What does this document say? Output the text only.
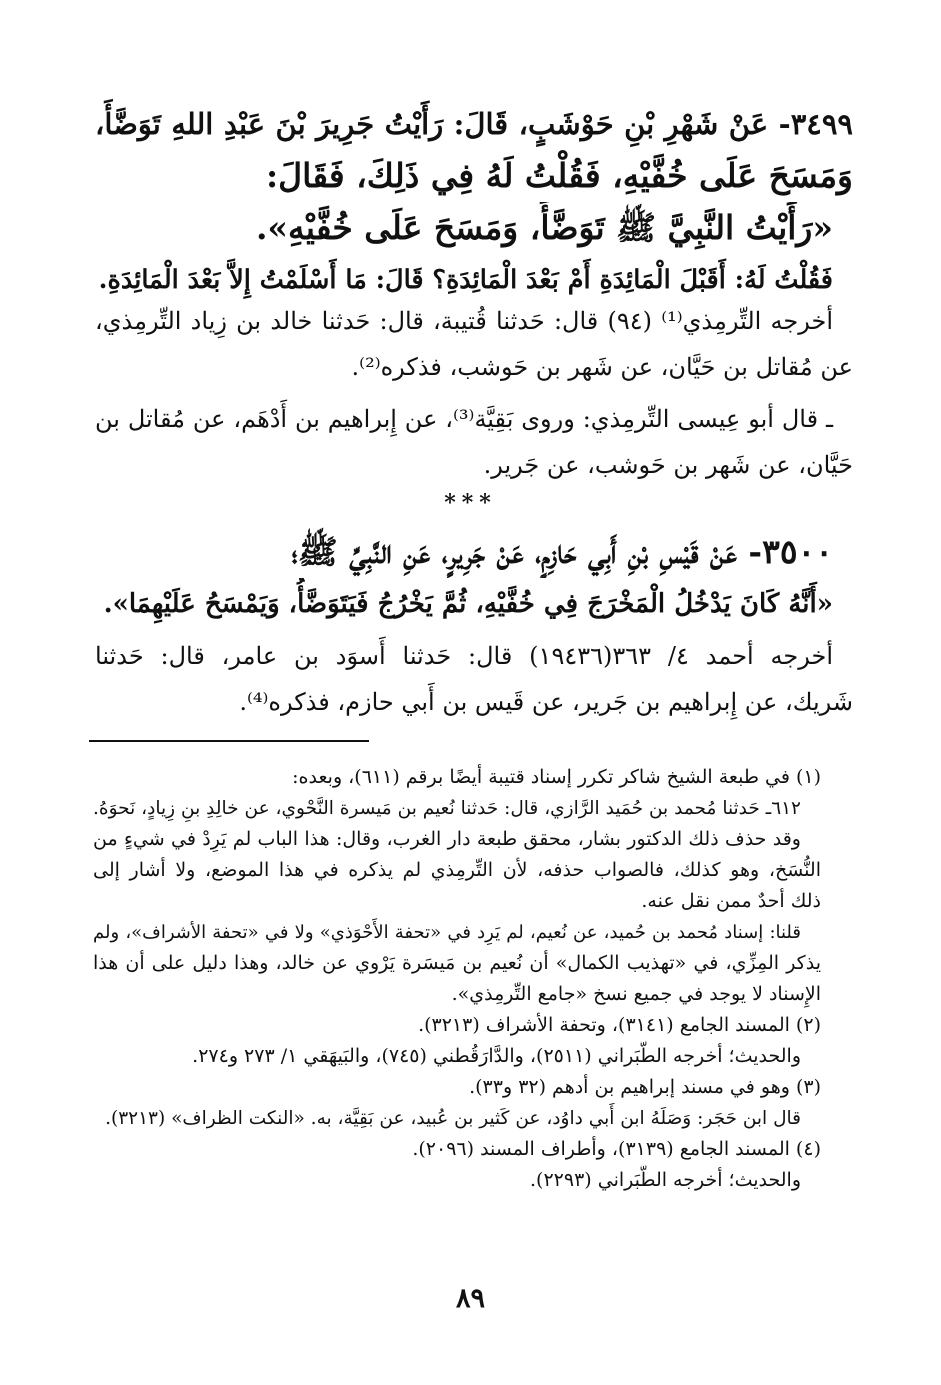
٣٤٩٩- عَنْ شَهْرِ بْنِ حَوْشَبٍ، قَالَ: رَأَيْتُ جَرِيرَ بْنَ عَبْدِ اللهِ تَوَضَّأَ،
وَمَسَحَ عَلَى خُفَّيْهِ، فَقُلْتُ لَهُ فِي ذَلِكَ، فَقَالَ:
«رَأَيْتُ النَّبِيَّ ﷺ تَوَضَّأَ، وَمَسَحَ عَلَى خُفَّيْهِ».
فَقُلْتُ لَهُ: أَقَبْلَ الْمَائِدَةِ أَمْ بَعْدَ الْمَائِدَةِ؟ قَالَ: مَا أَسْلَمْتُ إِلاَّ بَعْدَ الْمَائِدَةِ.
أخرجه التِّرمِذي⁽¹⁾ (٩٤) قال: حَدثنا قُتيبة، قال: حَدثنا خالد بن زِياد التِّرمِذي،
عن مُقاتل بن حَيَّان، عن شَهر بن حَوشب، فذكره⁽²⁾.
ـ قال أبو عِيسى التِّرمِذي: وروى بَقِيَّة⁽³⁾، عن إِبراهيم بن أَدْهَم، عن مُقاتل بن
حَيَّان، عن شَهر بن حَوشب، عن جَرير.
***
٣٥٠٠- عَنْ قَيْسِ بْنِ أَبِي حَازِمٍ، عَنْ جَرِيرٍ، عَنِ النَّبِيِّ ﷺ؛
«أَنَّهُ كَانَ يَدْخُلُ الْمَخْرَجَ فِي خُفَّيْهِ، ثُمَّ يَخْرُجُ فَيَتَوَضَّأُ، وَيَمْسَحُ عَلَيْهِمَا».
أخرجه أحمد ٤/ ٣٦٣(١٩٤٣٦) قال: حَدثنا أَسوَد بن عامر، قال: حَدثنا
شَريك، عن إِبراهيم بن جَرير، عن قَيس بن أَبي حازم، فذكره⁽⁴⁾.
(١) في طبعة الشيخ شاكر تكرر إسناد قتيبة أيضًا برقم (٦١١)، وبعده:
٦١٢ـ حَدثنا مُحمد بن حُمَيد الرَّازي، قال: حَدثنا نُعيم بن مَيسرة النَّحْوي، عن خالِدِ بنِ زِيادٍ، نَحوَهُ.
وقد حذف ذلك الدكتور بشار، محقق طبعة دار الغرب، وقال: هذا الباب لم يَرِدْ في شيءٍ من
النُّسَخ، وهو كذلك، فالصواب حذفه، لأن التِّرمِذي لم يذكره في هذا الموضع، ولا أشار إلى
ذلك أحدٌ ممن نقل عنه.
قلنا: إسناد مُحمد بن حُميد، عن نُعيم، لم يَرِد في «تحفة الأَحْوَذي» ولا في «تحفة الأشراف»، ولم
يذكر المِزِّي، في «تهذيب الكمال» أن نُعيم بن مَيسَرة يَرْوي عن خالد، وهذا دليل على أن هذا
الإِسناد لا يوجد في جميع نسخ «جامع التِّرمِذي».
(٢) المسند الجامع (٣١٤١)، وتحفة الأشراف (٣٢١٣).
والحديث؛ أخرجه الطَّبَراني (٢٥١١)، والدَّارَقُطني (٧٤٥)، والبَيهَقي ١/ ٢٧٣ و٢٧٤.
(٣) وهو في مسند إبراهيم بن أدهم (٣٢ و٣٣).
قال ابن حَجَر: وَصَلَهُ ابن أَبي داوُد، عن كَثير بن عُبيد، عن بَقِيَّة، به. «النكت الظراف» (٣٢١٣).
(٤) المسند الجامع (٣١٣٩)، وأطراف المسند (٢٠٩٦).
والحديث؛ أخرجه الطَّبَراني (٢٢٩٣).
٨٩
